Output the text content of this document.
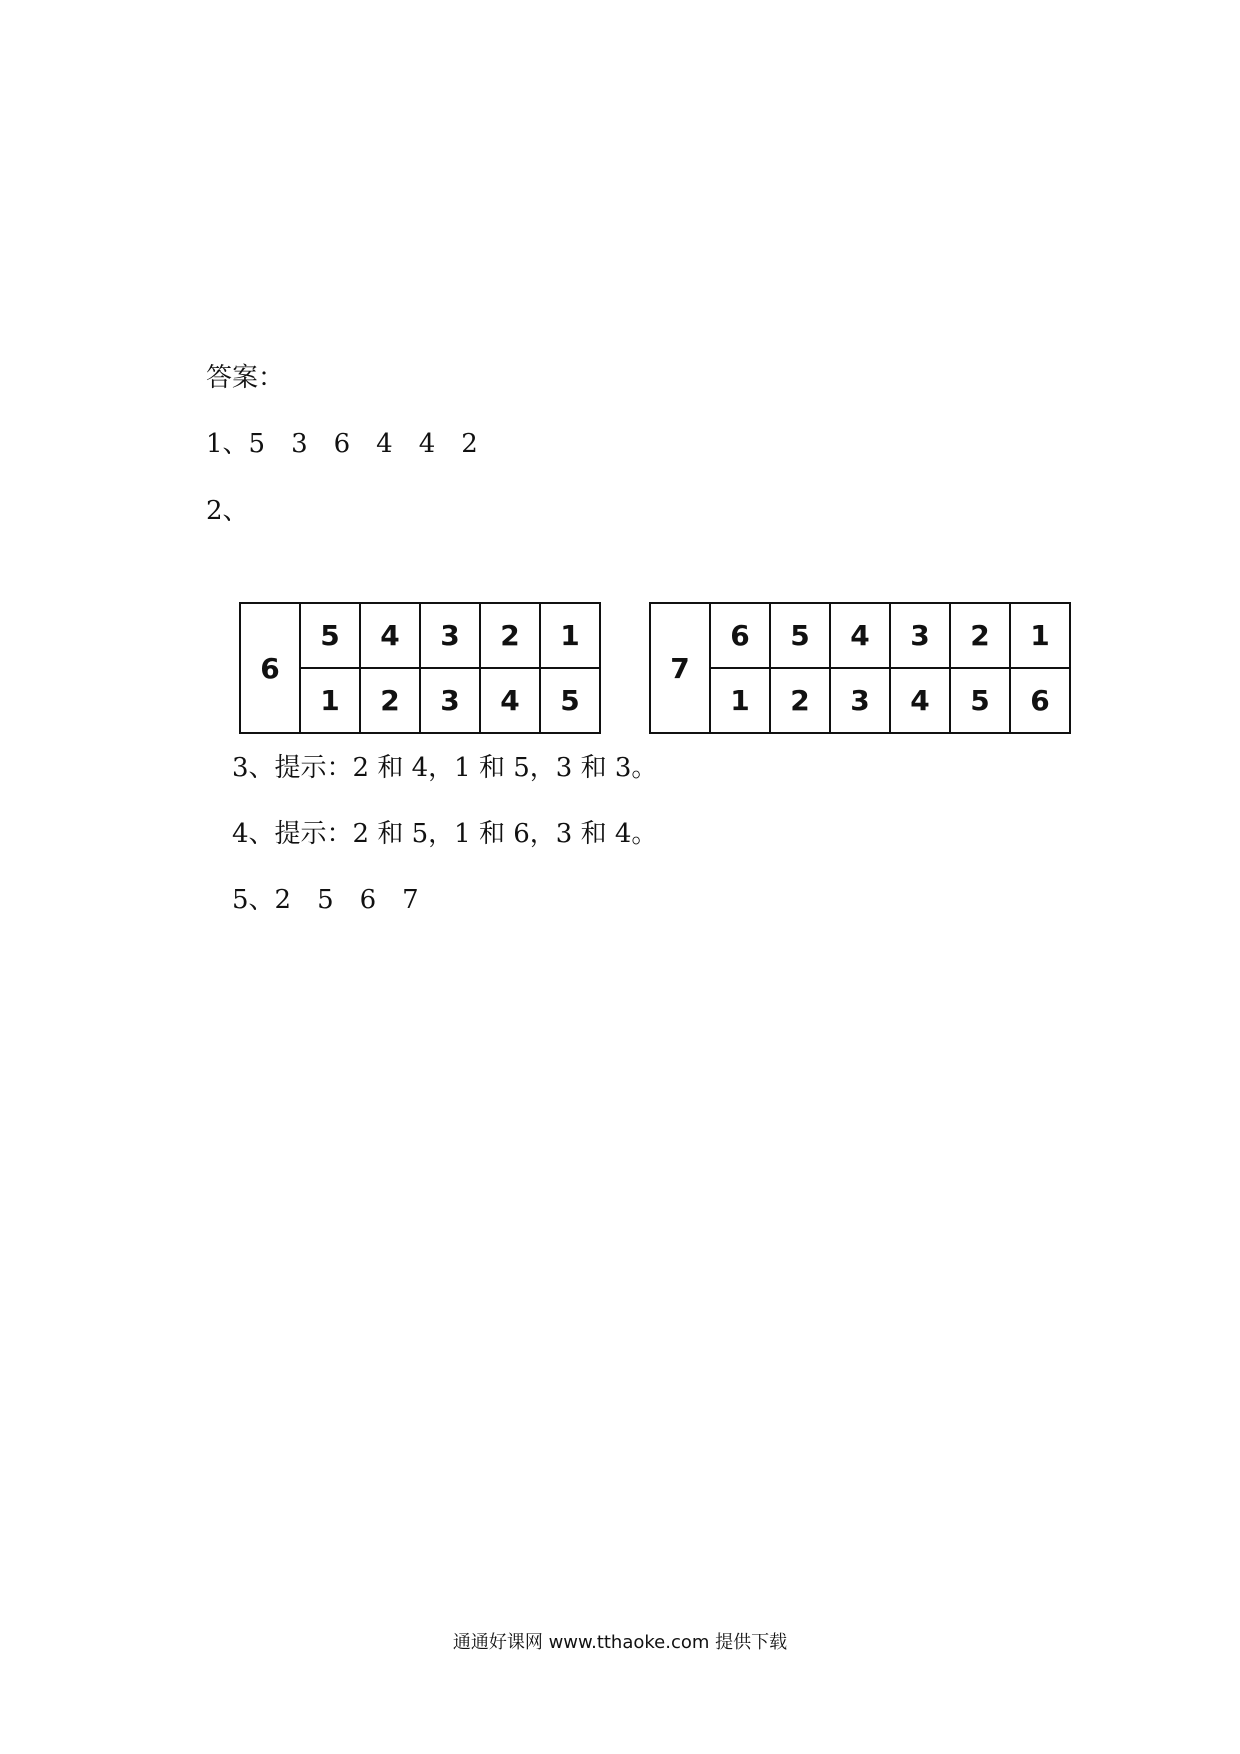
答案：
1、5　3　6　4　4　2
2、
6	5	4	3	2	1
	1	2	3	4	5
7	6	5	4	3	2	1
	1	2	3	4	5	6
3、提示：2 和 4，1 和 5，3 和 3。
4、提示：2 和 5，1 和 6，3 和 4。
5、2　5　6　7
通通好课网 www.tthaoke.com 提供下载
